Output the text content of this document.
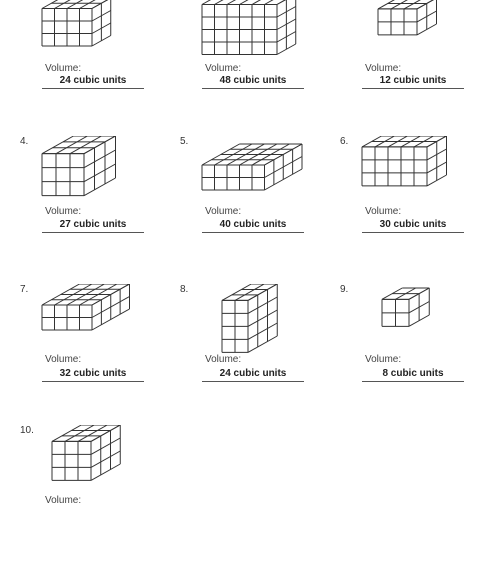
Volume:
24 cubic units
Volume:
48 cubic units
Volume:
12 cubic units
4.
Volume:
27 cubic units
5.
Volume:
40 cubic units
6.
Volume:
30 cubic units
7.
Volume:
32 cubic units
8.
Volume:
24 cubic units
9.
Volume:
8 cubic units
10.
Volume:
